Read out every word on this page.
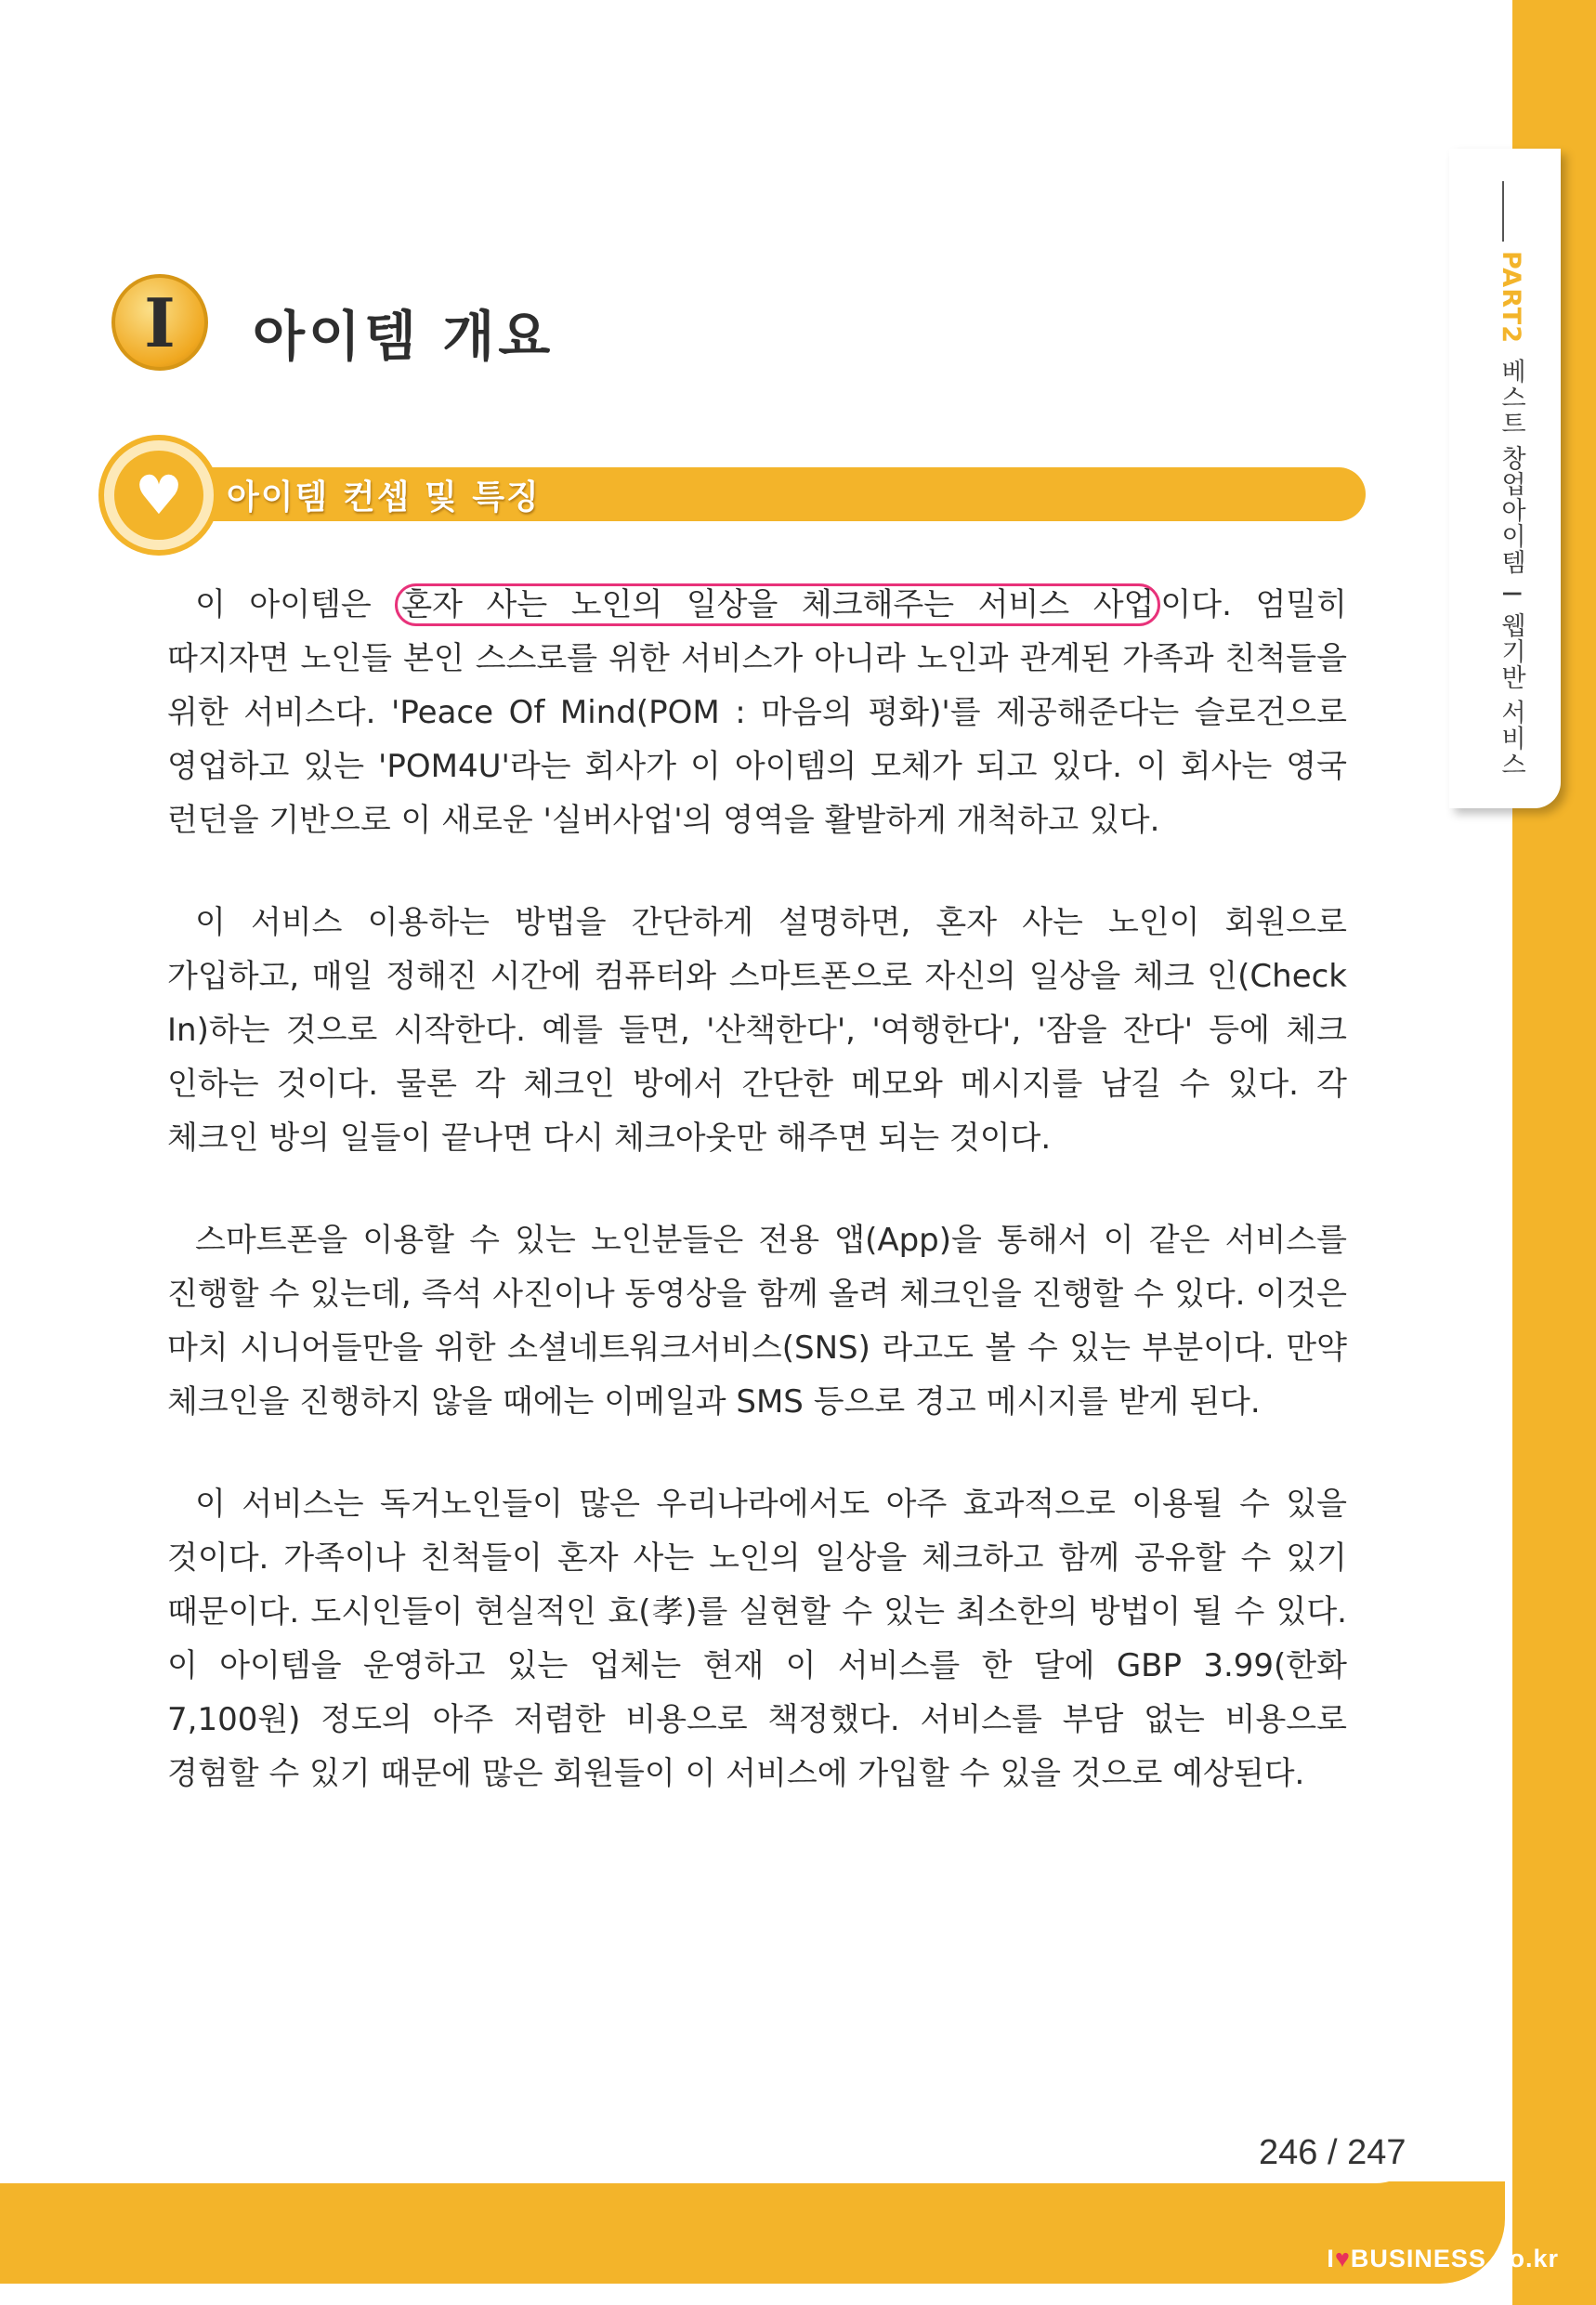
PART2 베스트 창업아이템 I 웹기반 서비스
I	아이템 개요
♥	아이템 컨셉 및 특징

이 아이템은 혼자 사는 노인의 일상을 체크해주는 서비스 사업 이다. 엄밀히 따지자면 노인들 본인 스스로를 위한 서비스가 아니라 노인과 관계된 가족과 친척들을 위한 서비스다. 'Peace Of Mind(POM : 마음의 평화)'를 제공해준다는 슬로건으로 영업하고 있는 'POM4U'라는 회사가 이 아이템의 모체가 되고 있다. 이 회사는 영국 런던을 기반으로 이 새로운 '실버사업'의 영역을 활발하게 개척하고 있다.

이 서비스 이용하는 방법을 간단하게 설명하면, 혼자 사는 노인이 회원으로 가입하고, 매일 정해진 시간에 컴퓨터와 스마트폰으로 자신의 일상을 체크 인(Check In)하는 것으로 시작한다. 예를 들면, '산책한다', '여행한다', '잠을 잔다' 등에 체크 인하는 것이다. 물론 각 체크인 방에서 간단한 메모와 메시지를 남길 수 있다. 각 체크인 방의 일들이 끝나면 다시 체크아웃만 해주면 되는 것이다.

스마트폰을 이용할 수 있는 노인분들은 전용 앱(App)을 통해서 이 같은 서비스를 진행할 수 있는데, 즉석 사진이나 동영상을 함께 올려 체크인을 진행할 수 있다. 이것은 마치 시니어들만을 위한 소셜네트워크서비스(SNS) 라고도 볼 수 있는 부분이다. 만약 체크인을 진행하지 않을 때에는 이메일과 SMS 등으로 경고 메시지를 받게 된다.

이 서비스는 독거노인들이 많은 우리나라에서도 아주 효과적으로 이용될 수 있을 것이다. 가족이나 친척들이 혼자 사는 노인의 일상을 체크하고 함께 공유할 수 있기 때문이다. 도시인들이 현실적인 효(孝)를 실현할 수 있는 최소한의 방법이 될 수 있다. 이 아이템을 운영하고 있는 업체는 현재 이 서비스를 한 달에 GBP 3.99(한화 7,100원) 정도의 아주 저렴한 비용으로 책정했다. 서비스를 부담 없는 비용으로 경험할 수 있기 때문에 많은 회원들이 이 서비스에 가입할 수 있을 것으로 예상된다.

246 / 247
I♥BUSINESS.co.kr
